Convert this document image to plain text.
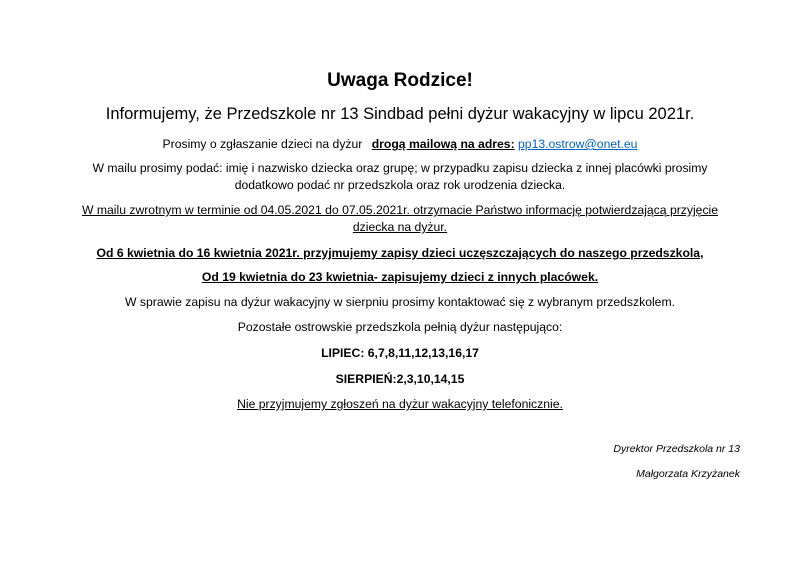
Uwaga Rodzice!
Informujemy, że Przedszkole nr 13 Sindbad pełni dyżur wakacyjny w lipcu 2021r.
Prosimy o zgłaszanie dzieci na dyżur drogą mailową na adres: pp13.ostrow@onet.eu
W mailu prosimy podać: imię i nazwisko dziecka oraz grupę; w przypadku zapisu dziecka z innej placówki prosimy
dodatkowo podać nr przedszkola oraz rok urodzenia dziecka.
W mailu zwrotnym w terminie od 04.05.2021 do 07.05.2021r. otrzymacie Państwo informację potwierdzającą przyjęcie
dziecka na dyżur.
Od 6 kwietnia do 16 kwietnia 2021r. przyjmujemy zapisy dzieci uczęszczających do naszego przedszkola,
Od 19 kwietnia do 23 kwietnia- zapisujemy dzieci z innych placówek.
W sprawie zapisu na dyżur wakacyjny w sierpniu prosimy kontaktować się z wybranym przedszkolem.
Pozostałe ostrowskie przedszkola pełnią dyżur następująco:
LIPIEC: 6,7,8,11,12,13,16,17
SIERPIEŃ:2,3,10,14,15
Nie przyjmujemy zgłoszeń na dyżur wakacyjny telefonicznie.
Dyrektor Przedszkola nr 13
Małgorzata Krzyżanek
